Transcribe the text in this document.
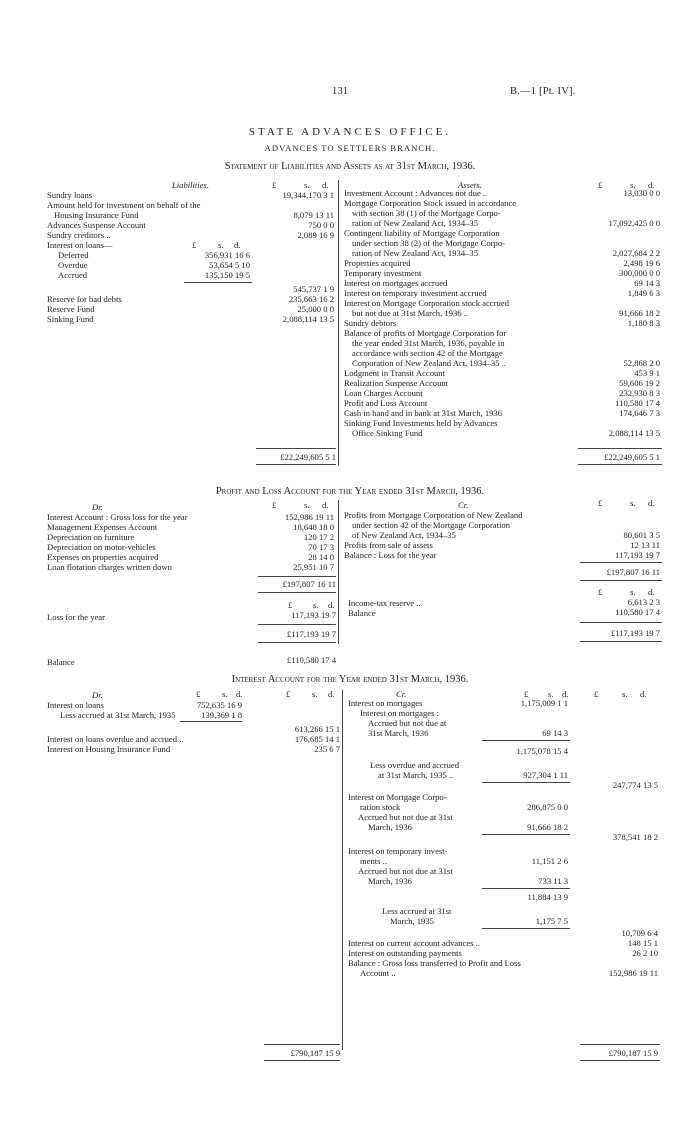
131	B.—1 [Pt. IV].
STATE ADVANCES OFFICE.
ADVANCES TO SETTLERS BRANCH.
Statement of Liabilities and Assets as at 31st March, 1936.
Liabilities.	Assets.
£	s. d.	£	s. d.
Sundry loans	19,344,170 3 1
Amount held for investment on behalf of the
Housing Insurance Fund	8,079 13 11
Advances Suspense Account	750 0 0
Sundry creditors ..	2,089 16 9
Interest on loans—	£	s. d.
Deferred	356,931 16 6
Overdue	53,654 5 10
Accrued	135,150 19 5
545,737 1 9
Reserve for bad debts	235,663 16 2
Reserve Fund	25,000 0 0
Sinking Fund	2,088,114 13 5
£22,249,605 5 1
Investment Account : Advances not due ..	13,030 0 0
Mortgage Corporation Stock issued in accordance
with section 38 (1) of the Mortgage Corpo-
ration of New Zealand Act, 1934–35	17,092,425 0 0
Contingent liability of Mortgage Corporation
under section 38 (2) of the Mortgage Corpo-
ration of New Zealand Act, 1934–35	2,027,684 2 2
Properties acquired	2,498 19 6
Temporary investment	300,000 0 0
Interest on mortgages accrued	69 14 3
Interest on temporary investment accrued	1,849 6 3
Interest on Mortgage Corporation stock accrued
but not due at 31st March, 1936 ..	91,666 18 2
Sundry debtors	1,180 8 3
Balance of profits of Mortgage Corporation for
the year ended 31st March, 1936, payable in
accordance with section 42 of the Mortgage
Corporation of New Zealand Act, 1934–35 ..	52,868 2 0
Lodgment in Transit Account	453 9 1
Realization Suspense Account	59,606 19 2
Loan Charges Account	232,930 8 3
Profit and Loss Account	110,580 17 4
Cash in hand and in bank at 31st March, 1936	174,646 7 3
Sinking Fund Investments held by Advances
Office Sinking Fund	2,088,114 13 5
£22,249,605 5 1
Profit and Loss Account for the Year ended 31st March, 1936.
Dr.	Cr.
£	s. d.	£	s. d.
Interest Account : Gross loss for the year	152,986 19 11
Management Expenses Account	18,648 18 0
Depreciation on furniture	120 17 2
Depreciation on motor-vehicles	70 17 3
Expenses on properties acquired	28 14 0
Loan flotation charges written down	25,951 10 7
£197,807 16 11
Profits from Mortgage Corporation of New Zealand
under section 42 of the Mortgage Corporation
of New Zealand Act, 1934–35	80,601 3 5
Profits from sale of assets	12 13 11
Balance : Loss for the year	117,193 19 7
£197,807 16 11
£	s. d.
£ s. d.
Loss for the year	117,193 19 7
£117,193 19 7
Income-tax reserve ..	6,613 2 3
Balance	110,580 17 4
£117,193 19 7
Balance	£110,580 17 4
Interest Account for the Year ended 31st March, 1936.
Dr.	£	s. d.	£	s. d.	Cr.	£ s. d.	£	s. d.
Interest on loans	752,635 16 9
Less accrued at 31st March, 1935	139,369 1 8
613,266 15 1
Interest on loans overdue and accrued ..	176,685 14 1
Interest on Housing Insurance Fund	235 6 7
£790,187 15 9
Interest on mortgages	1,175,009 1 1
Interest on mortgages :
Accrued but not due at
31st March, 1936	69 14 3
1,175,078 15 4
Less overdue and accrued
at 31st March, 1935 ..	927,304 1 11
247,774 13 5
Interest on Mortgage Corpo-
ration stock	286,875 0 0
Accrued but not due at 31st
March, 1936	91,666 18 2
378,541 18 2
Interest on temporary invest-
ments ..	11,151 2 6
Accrued but not due at 31st
March, 1936	733 11 3
11,884 13 9
Less accrued at 31st
March, 1935	1,175 7 5
10,709 6 4
Interest on current account advances ..	148 15 1
Interest on outstanding payments	26 2 10
Balance : Gross loss transferred to Profit and Loss
Account ..	152,986 19 11
£790,187 15 9
